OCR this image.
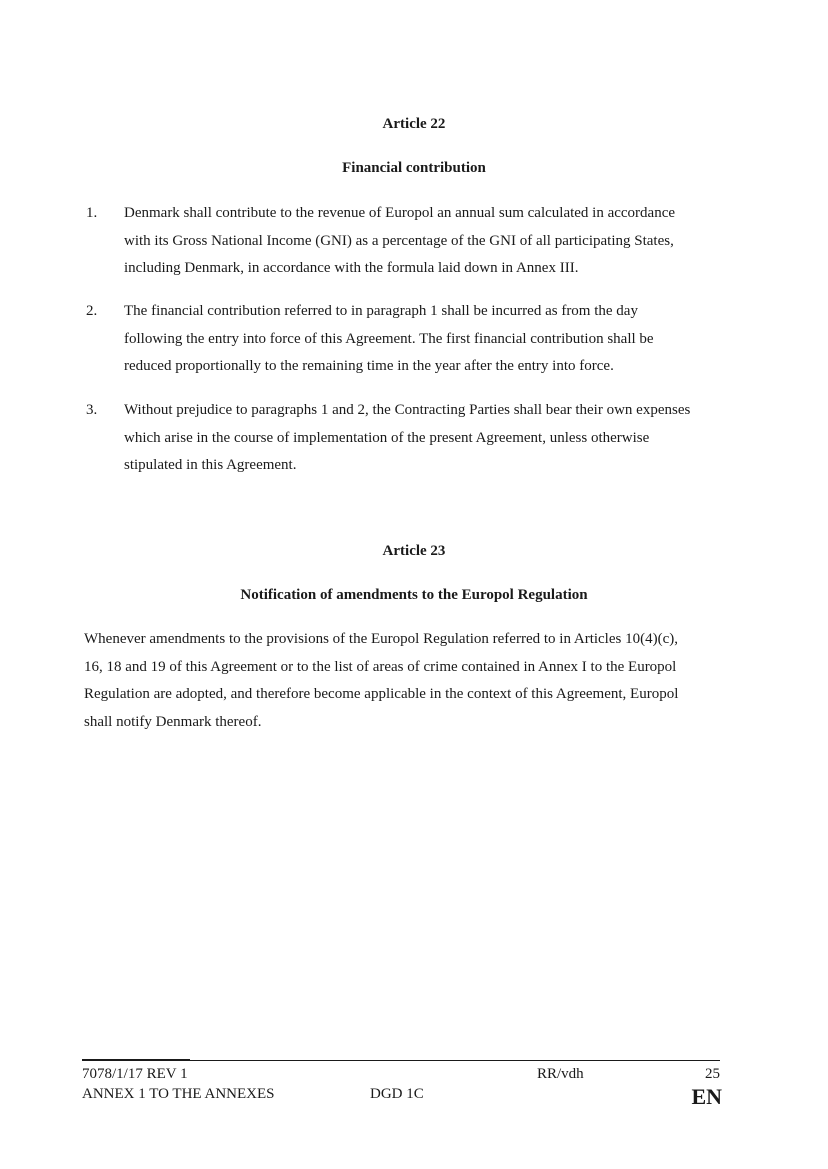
Article 22
Financial contribution
1. Denmark shall contribute to the revenue of Europol an annual sum calculated in accordance
with its Gross National Income (GNI) as a percentage of the GNI of all participating States,
including Denmark, in accordance with the formula laid down in Annex III.
2. The financial contribution referred to in paragraph 1 shall be incurred as from the day
following the entry into force of this Agreement. The first financial contribution shall be
reduced proportionally to the remaining time in the year after the entry into force.
3. Without prejudice to paragraphs 1 and 2, the Contracting Parties shall bear their own expenses
which arise in the course of implementation of the present Agreement, unless otherwise
stipulated in this Agreement.
Article 23
Notification of amendments to the Europol Regulation
Whenever amendments to the provisions of the Europol Regulation referred to in Articles 10(4)(c),
16, 18 and 19 of this Agreement or to the list of areas of crime contained in Annex I to the Europol
Regulation are adopted, and therefore become applicable in the context of this Agreement, Europol
shall notify Denmark thereof.
7078/1/17 REV 1
ANNEX 1 TO THE ANNEXES	DGD 1C
RR/vdh	25
EN
